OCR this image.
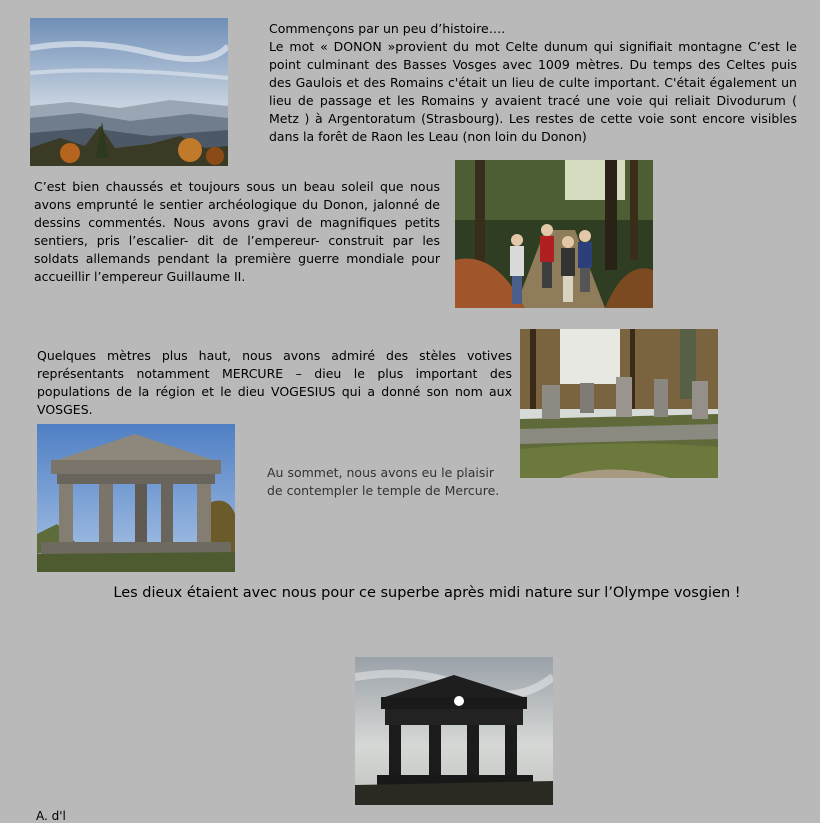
Commençons par un peu d’histoire….
Le mot « DONON »provient du mot Celte dunum qui signifiait montagne C’est le point culminant des Basses Vosges avec 1009 mètres. Du temps des Celtes puis des Gaulois et des Romains c'était un lieu de culte important. C'était également un lieu de passage et les Romains y avaient tracé une voie qui reliait Divodurum ( Metz ) à Argentoratum (Strasbourg). Les restes de cette voie sont encore visibles dans la forêt de Raon les Leau (non loin du Donon)
C’est bien chaussés et toujours sous un beau soleil que nous avons emprunté le sentier archéologique du Donon, jalonné de dessins commentés. Nous avons gravi de magnifiques petits sentiers, pris l’escalier- dit de l’empereur- construit par les soldats allemands pendant la première guerre mondiale pour accueillir l’empereur Guillaume II.
Quelques mètres plus haut, nous avons admiré des stèles votives représentants notamment MERCURE – dieu le plus important des populations de la région et le dieu VOGESIUS qui a donné son nom aux VOSGES.
Au sommet, nous avons eu le plaisir de contempler le temple de Mercure.
Les dieux étaient avec nous pour ce superbe après midi nature sur l’Olympe vosgien !
A. d'l
